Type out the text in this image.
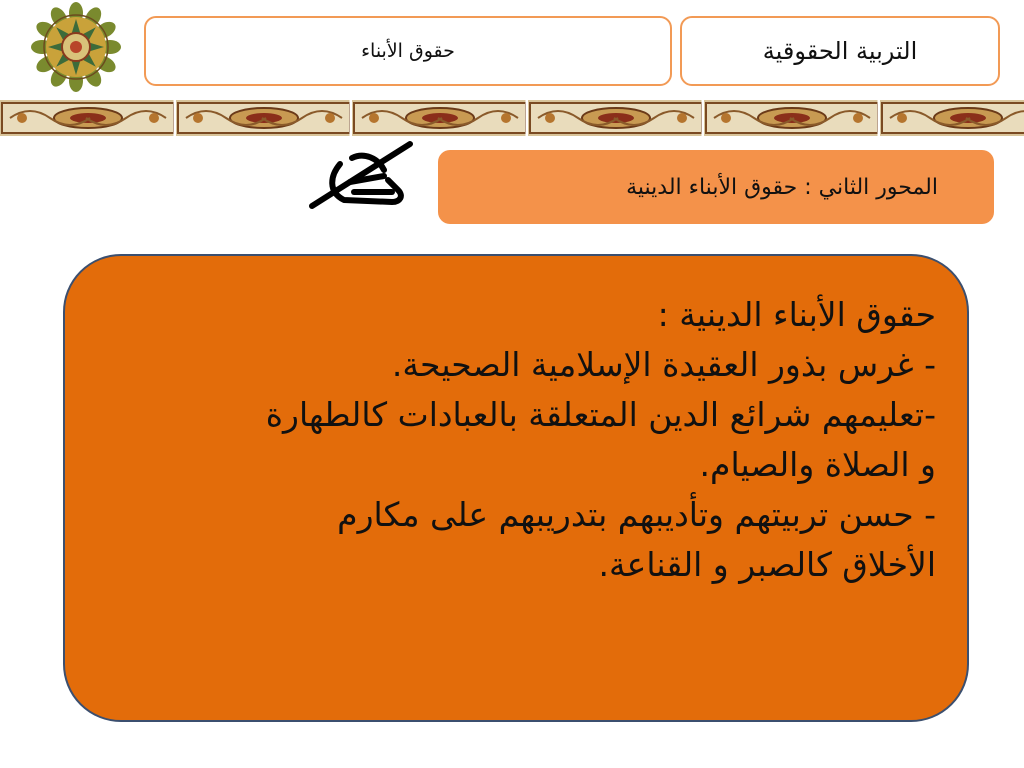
التربية الحقوقية
حقوق الأبناء
المحور الثاني : حقوق الأبناء الدينية
حقوق الأبناء الدينية :
- غرس بذور العقيدة الإسلامية الصحيحة.
-تعليمهم شرائع الدين المتعلقة بالعبادات كالطهارة
و الصلاة والصيام.
- حسن تربيتهم وتأديبهم بتدريبهم على مكارم
الأخلاق كالصبر و القناعة.
